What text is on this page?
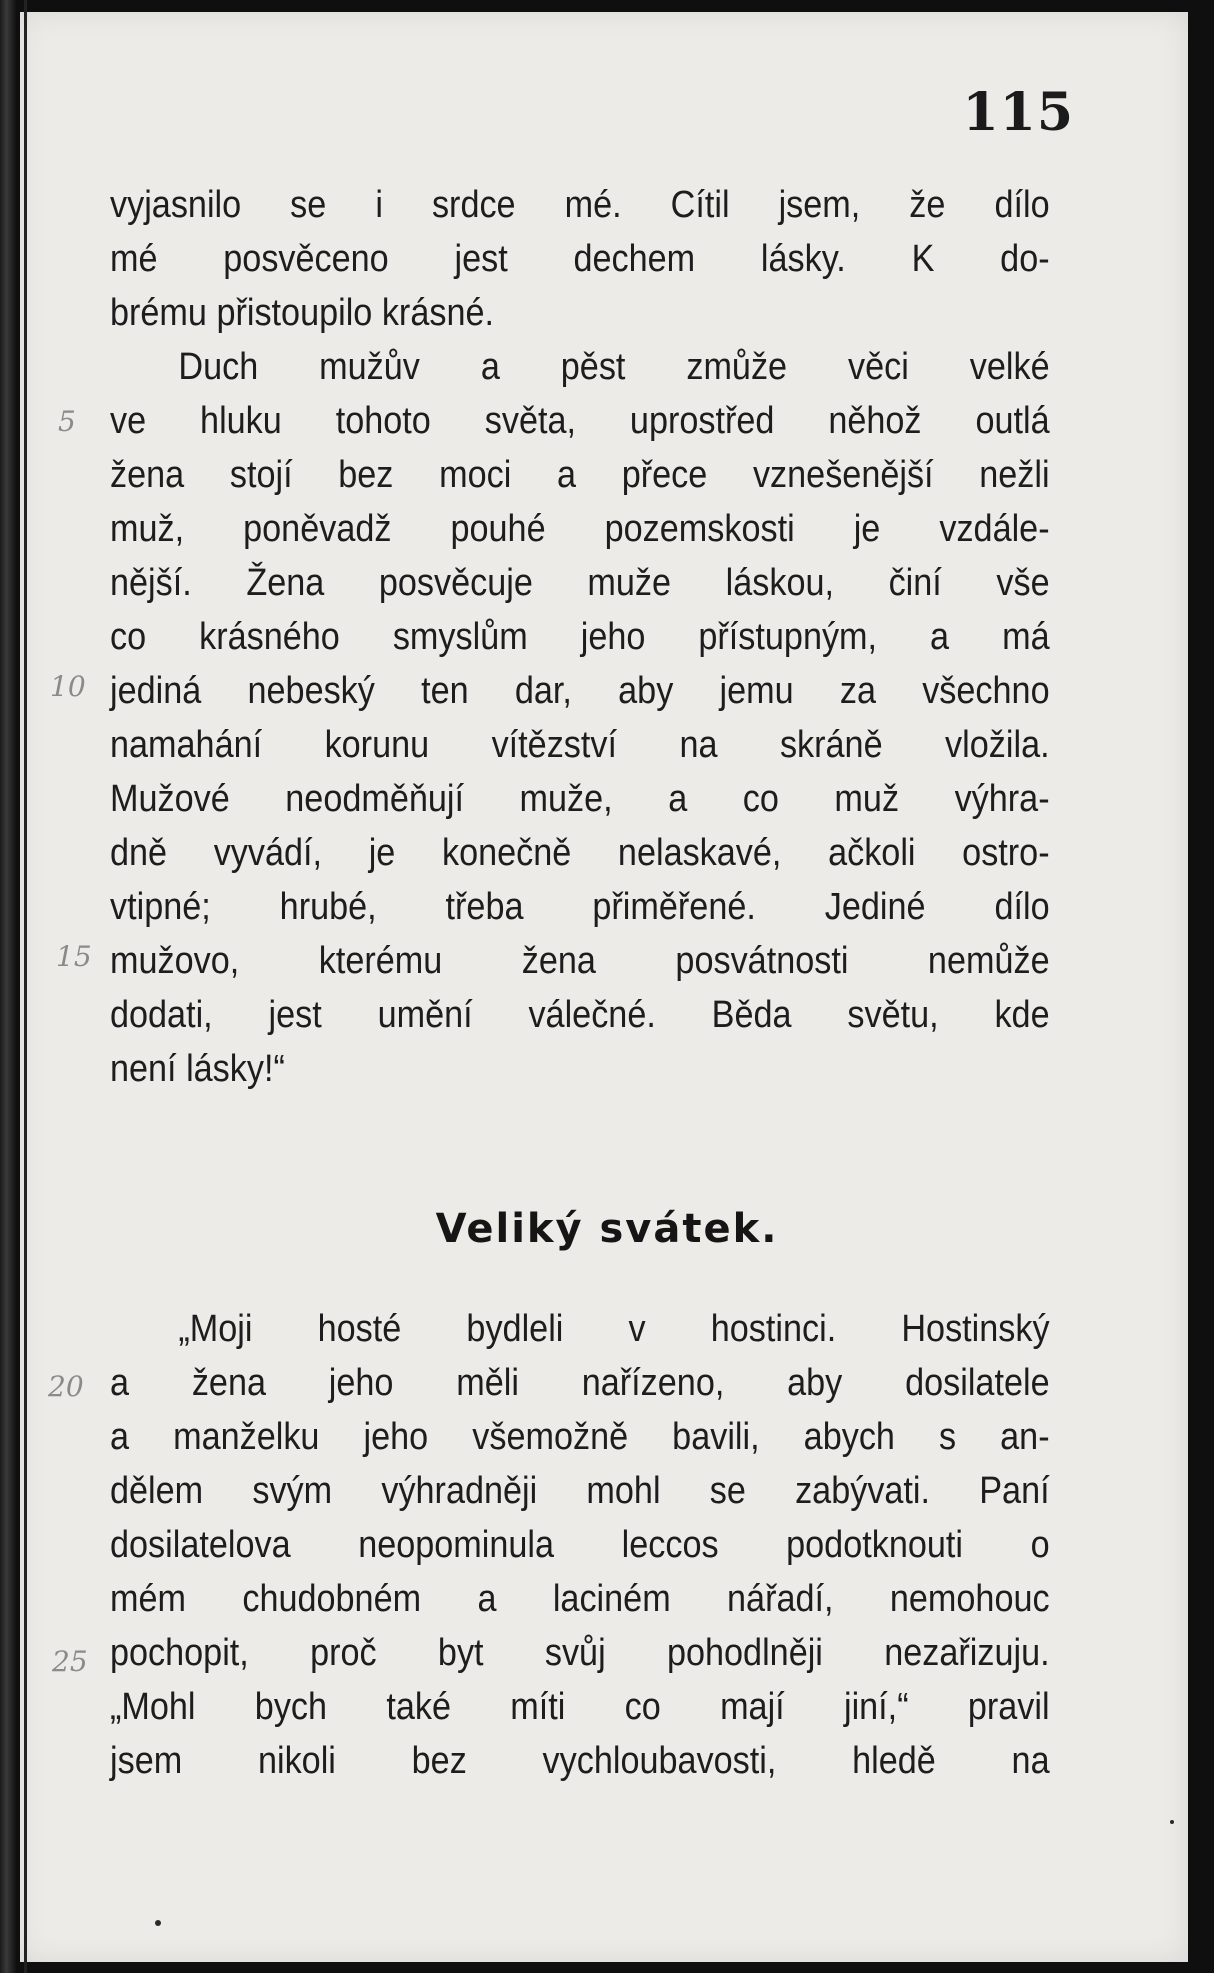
115
vyjasnilo se i srdce mé. Cítil jsem, že dílo
mé posvěceno jest dechem lásky. K do-
brému přistoupilo krásné.
Duch mužův a pěst zmůže věci velké
ve hluku tohoto světa, uprostřed něhož outlá
žena stojí bez moci a přece vznešenější nežli
muž, poněvadž pouhé pozemskosti je vzdále-
nější. Žena posvěcuje muže láskou, činí vše
co krásného smyslům jeho přístupným, a má
jediná nebeský ten dar, aby jemu za všechno
namahání korunu vítězství na skráně vložila.
Mužové neodměňují muže, a co muž výhra-
dně vyvádí, je konečně nelaskavé, ačkoli ostro-
vtipné; hrubé, třeba přiměřené. Jediné dílo
mužovo, kterému žena posvátnosti nemůže
dodati, jest umění válečné. Běda světu, kde
není lásky!“
Veliký svátek.
„Moji hosté bydleli v hostinci. Hostinský
a žena jeho měli nařízeno, aby dosilatele
a manželku jeho všemožně bavili, abych s an-
dělem svým výhradněji mohl se zabývati. Paní
dosilatelova neopominula leccos podotknouti o
mém chudobném a laciném nářadí, nemohouc
pochopit, proč byt svůj pohodlněji nezařizuju.
„Mohl bych také míti co mají jiní,“ pravil
jsem nikoli bez vychloubavosti, hledě na
5
10
15
20
25
